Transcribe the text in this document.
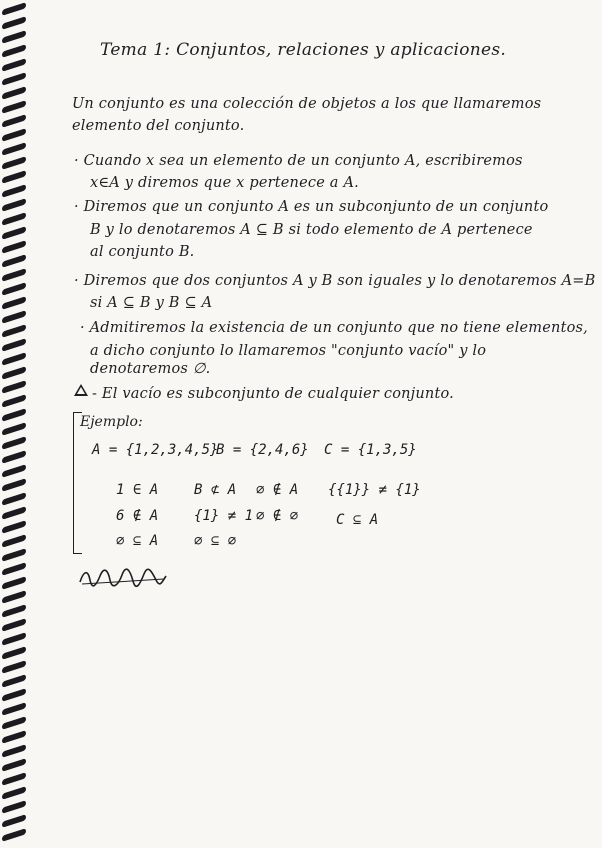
Tema 1: Conjuntos, relaciones y aplicaciones.
Un conjunto es una colección de objetos a los que llamaremos
elemento del conjunto.
· Cuando x sea un elemento de un conjunto A, escribiremos
x∈A y diremos que x pertenece a A.
· Diremos que un conjunto A es un subconjunto de un conjunto
B y lo denotaremos A ⊆ B si todo elemento de A pertenece
al conjunto B.
· Diremos que dos conjuntos A y B son iguales y lo denotaremos A=B
si A ⊆ B y B ⊆ A
· Admitiremos la existencia de un conjunto que no tiene elementos,
a dicho conjunto lo llamaremos "conjunto vacío" y lo
denotaremos ∅.
- El vacío es subconjunto de cualquier conjunto.
Ejemplo:
A = {1,2,3,4,5}
B = {2,4,6} C = {1,3,5}
1 ∈ A	B ⊄ A ∅ ∉ A {{1}} ≠ {1}
6 ∉ A	{1} ≠ 1 ∅ ∉ ∅	C ⊆ A
∅ ⊆ A	∅ ⊆ ∅
